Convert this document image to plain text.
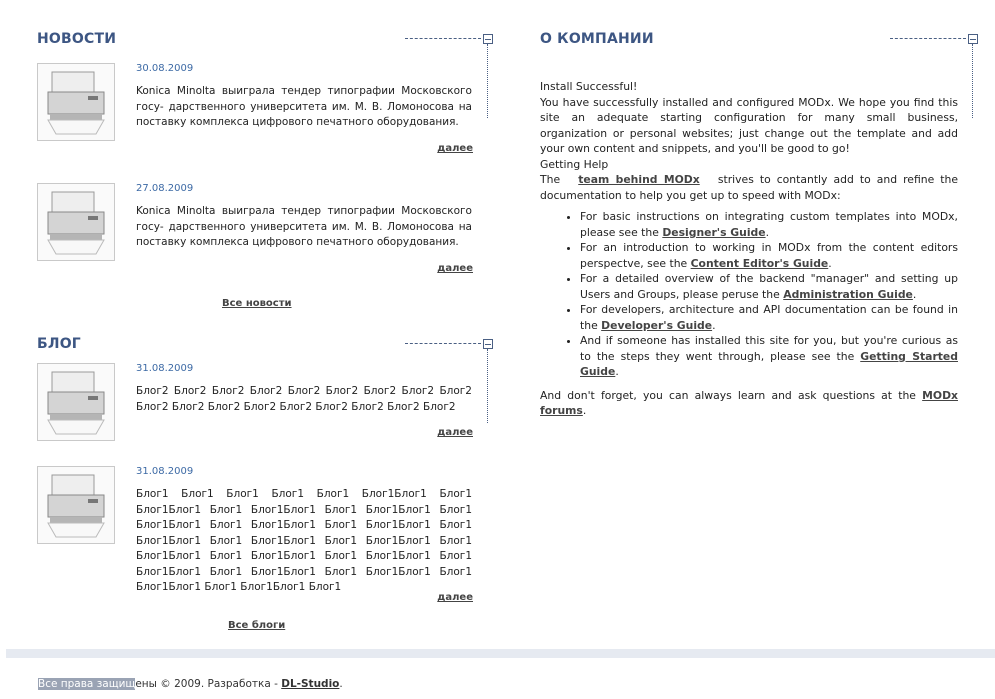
НОВОСТИ
30.08.2009
Konica Minolta выиграла тендер типографии Московского госу- дарственного университета им. М. В. Ломоносова на поставку комплекса цифрового печатного оборудования.
далее
27.08.2009
Konica Minolta выиграла тендер типографии Московского госу- дарственного университета им. М. В. Ломоносова на поставку комплекса цифрового печатного оборудования.
далее
Все новости
БЛОГ
31.08.2009
Блог2 Блог2 Блог2 Блог2 Блог2 Блог2 Блог2 Блог2 Блог2 Блог2 Блог2 Блог2 Блог2 Блог2 Блог2 Блог2 Блог2 Блог2
далее
31.08.2009
Блог1 Блог1 Блог1 Блог1 Блог1 Блог1Блог1 Блог1 Блог1Блог1 Блог1 Блог1Блог1 Блог1 Блог1Блог1 Блог1 Блог1Блог1 Блог1 Блог1Блог1 Блог1 Блог1Блог1 Блог1 Блог1Блог1 Блог1 Блог1Блог1 Блог1 Блог1Блог1 Блог1 Блог1Блог1 Блог1 Блог1Блог1 Блог1 Блог1Блог1 Блог1 Блог1Блог1 Блог1 Блог1Блог1 Блог1 Блог1Блог1 Блог1 Блог1Блог1 Блог1 Блог1Блог1 Блог1
далее
Все блоги
О КОМПАНИИ

Install Successful!

You have successfully installed and configured MODx. We hope you find this site an adequate starting configuration for many small business, organization or personal websites; just change out the template and add your own content and snippets, and you'll be good to go!

Getting Help

The team behind MODx strives to contantly add to and refine the documentation to help you get up to speed with MODx:

• For basic instructions on integrating custom templates into MODx, please see the Designer's Guide.
• For an introduction to working in MODx from the content editors perspectve, see the Content Editor's Guide.
• For a detailed overview of the backend "manager" and setting up Users and Groups, please peruse the Administration Guide.
• For developers, architecture and API documentation can be found in the Developer's Guide.
• And if someone has installed this site for you, but you're curious as to the steps they went through, please see the Getting Started Guide.

And don't forget, you can always learn and ask questions at the MODx forums.

Все права защищены © 2009. Разработка - DL-Studio.
